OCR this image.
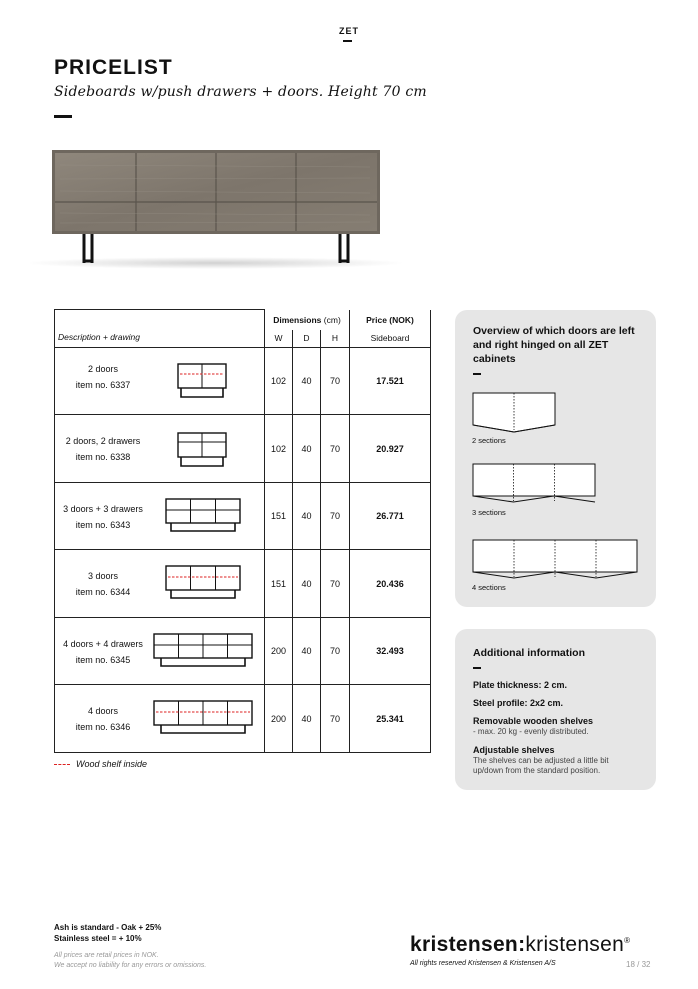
ZET
PRICELIST
Sideboards w/push drawers + doors. Height 70 cm
Description + drawing	Dimensions (cm)			Price (NOK)
	W	D	H	Sideboard

2 doors
item no. 6337	102	40	70	17.521

2 doors, 2 drawers
item no. 6338	102	40	70	20.927

3 doors + 3 drawers
item no. 6343	151	40	70	26.771

3 doors
item no. 6344	151	40	70	20.436

4 doors + 4 drawers
item no. 6345	200	40	70	32.493

4 doors
item no. 6346	200	40	70	25.341
Wood shelf inside
Overview of which doors are left and right hinged on all ZET cabinets
2 sections
3 sections
4 sections
Additional information
Plate thickness: 2 cm.
Steel profile: 2x2 cm.
Removable wooden shelves
- max. 20 kg - evenly distributed.
Adjustable shelves
The shelves can be adjusted a little bit
up/down from the standard position.
Ash is standard - Oak + 25%
Stainless steel = + 10%
All prices are retail prices in NOK.
We accept no liability for any errors or omissions.
kristensen:kristensen®
All rights reserved Kristensen & Kristensen A/S	18 / 32
